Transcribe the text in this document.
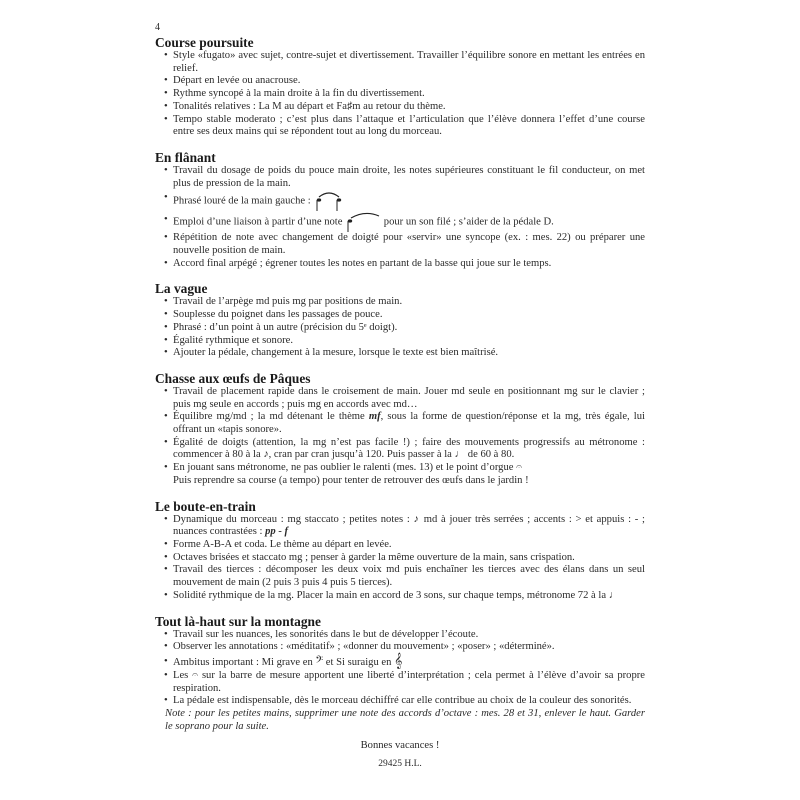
4
Course poursuite
• Style «fugato» avec sujet, contre-sujet et divertissement. Travailler l’équilibre sonore en mettant les entrées en relief.
• Départ en levée ou anacrouse.
• Rythme syncopé à la main droite à la fin du divertissement.
• Tonalités relatives : La M au départ et Fa♯m au retour du thème.
• Tempo stable moderato ; c’est plus dans l’attaque et l’articulation que l’élève donnera l’effet d’une course entre ses deux mains qui se répondent tout au long du morceau.
En flânant
• Travail du dosage de poids du pouce main droite, les notes supérieures constituant le fil conducteur, on met plus de pression de la main.
• Phrasé louré de la main gauche :
• Emploi d’une liaison à partir d’une note	pour un son filé ; s’aider de la pédale D.
• Répétition de note avec changement de doigté pour «servir» une syncope (ex. : mes. 22) ou préparer une nouvelle position de main.
• Accord final arpégé ; égrener toutes les notes en partant de la basse qui joue sur le temps.
La vague
• Travail de l’arpège md puis mg par positions de main.
• Souplesse du poignet dans les passages de pouce.
• Phrasé : d’un point à un autre (précision du 5ᵉ doigt).
• Égalité rythmique et sonore.
• Ajouter la pédale, changement à la mesure, lorsque le texte est bien maîtrisé.
Chasse aux œufs de Pâques
• Travail de placement rapide dans le croisement de main. Jouer md seule en positionnant mg sur le clavier ; puis mg seule en accords ; puis mg en accords avec md…
• Équilibre mg/md ; la md détenant le thème mf, sous la forme de question/réponse et la mg, très égale, lui offrant un «tapis sonore».
• Égalité de doigts (attention, la mg n’est pas facile !) ; faire des mouvements progressifs au métronome : commencer à 80 à la ♪, cran par cran jusqu’à 120. Puis passer à la ♩ de 60 à 80.
• En jouant sans métronome, ne pas oublier le ralenti (mes. 13) et le point d’orgue 𝄐
Puis reprendre sa course (a tempo) pour tenter de retrouver des œufs dans le jardin !
Le boute-en-train
• Dynamique du morceau : mg staccato ; petites notes : ♪ md à jouer très serrées ; accents : > et appuis : - ; nuances contrastées : pp - f
• Forme A-B-A et coda. Le thème au départ en levée.
• Octaves brisées et staccato mg ; penser à garder la même ouverture de la main, sans crispation.
• Travail des tierces : décomposer les deux voix md puis enchaîner les tierces avec des élans dans un seul mouvement de main (2 puis 3 puis 4 puis 5 tierces).
• Solidité rythmique de la mg. Placer la main en accord de 3 sons, sur chaque temps, métronome 72 à la ♩
Tout là-haut sur la montagne
• Travail sur les nuances, les sonorités dans le but de développer l’écoute.
• Observer les annotations : «méditatif» ; «donner du mouvement» ; «poser» ; «déterminé».
• Ambitus important : Mi grave en 𝄢 et Si suraigu en 𝄞
• Les 𝄐 sur la barre de mesure apportent une liberté d’interprétation ; cela permet à l’élève d’avoir sa propre respiration.
• La pédale est indispensable, dès le morceau déchiffré car elle contribue au choix de la couleur des sonorités.
Note : pour les petites mains, supprimer une note des accords d’octave : mes. 28 et 31, enlever le haut. Garder le soprano pour la suite.
Bonnes vacances !
29425 H.L.
